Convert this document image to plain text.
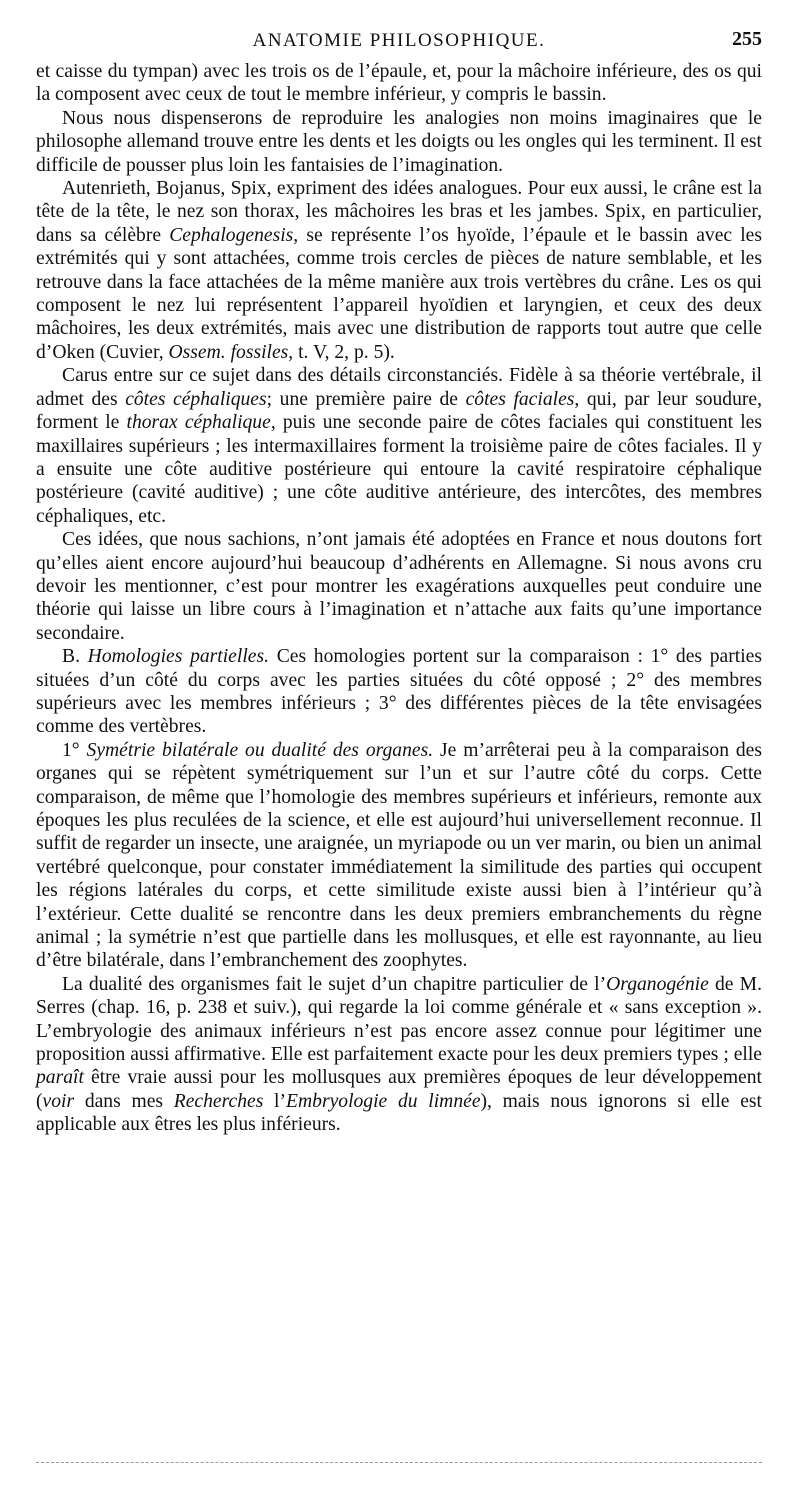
ANATOMIE PHILOSOPHIQUE.	255

et caisse du tympan) avec les trois os de l’épaule, et, pour la mâchoire inférieure, des os qui la composent avec ceux de tout le membre inférieur, y compris le bassin.

Nous nous dispenserons de reproduire les analogies non moins imaginaires que le philosophe allemand trouve entre les dents et les doigts ou les ongles qui les terminent. Il est difficile de pousser plus loin les fantaisies de l’imagination.

Autenrieth, Bojanus, Spix, expriment des idées analogues. Pour eux aussi, le crâne est la tête de la tête, le nez son thorax, les mâchoires les bras et les jambes. Spix, en particulier, dans sa célèbre Cephalogenesis, se représente l’os hyoïde, l’épaule et le bassin avec les extrémités qui y sont attachées, comme trois cercles de pièces de nature semblable, et les retrouve dans la face attachées de la même manière aux trois vertèbres du crâne. Les os qui composent le nez lui représentent l’appareil hyoïdien et laryngien, et ceux des deux mâchoires, les deux extrémités, mais avec une distribution de rapports tout autre que celle d’Oken (Cuvier, Ossem. fossiles, t. V, 2, p. 5).

Carus entre sur ce sujet dans des détails circonstanciés. Fidèle à sa théorie vertébrale, il admet des côtes céphaliques; une première paire de côtes faciales, qui, par leur soudure, forment le thorax céphalique, puis une seconde paire de côtes faciales qui constituent les maxillaires supérieurs ; les intermaxillaires forment la troisième paire de côtes faciales. Il y a ensuite une côte auditive postérieure qui entoure la cavité respiratoire céphalique postérieure (cavité auditive) ; une côte auditive antérieure, des intercôtes, des membres céphaliques, etc.

Ces idées, que nous sachions, n’ont jamais été adoptées en France et nous doutons fort qu’elles aient encore aujourd’hui beaucoup d’adhérents en Allemagne. Si nous avons cru devoir les mentionner, c’est pour montrer les exagérations auxquelles peut conduire une théorie qui laisse un libre cours à l’imagination et n’attache aux faits qu’une importance secondaire.

B. Homologies partielles. Ces homologies portent sur la comparaison : 1° des parties situées d’un côté du corps avec les parties situées du côté opposé ; 2° des membres supérieurs avec les membres inférieurs ; 3° des différentes pièces de la tête envisagées comme des vertèbres.

1° Symétrie bilatérale ou dualité des organes. Je m’arrêterai peu à la comparaison des organes qui se répètent symétriquement sur l’un et sur l’autre côté du corps. Cette comparaison, de même que l’homologie des membres supérieurs et inférieurs, remonte aux époques les plus reculées de la science, et elle est aujourd’hui universellement reconnue. Il suffit de regarder un insecte, une araignée, un myriapode ou un ver marin, ou bien un animal vertébré quelconque, pour constater immédiatement la similitude des parties qui occupent les régions latérales du corps, et cette similitude existe aussi bien à l’intérieur qu’à l’extérieur. Cette dualité se rencontre dans les deux premiers embranchements du règne animal ; la symétrie n’est que partielle dans les mollusques, et elle est rayonnante, au lieu d’être bilatérale, dans l’embranchement des zoophytes.

La dualité des organismes fait le sujet d’un chapitre particulier de l’Organogénie de M. Serres (chap. 16, p. 238 et suiv.), qui regarde la loi comme générale et « sans exception ». L’embryologie des animaux inférieurs n’est pas encore assez connue pour légitimer une proposition aussi affirmative. Elle est parfaitement exacte pour les deux premiers types ; elle paraît être vraie aussi pour les mollusques aux premières époques de leur développement (voir dans mes Recherches l’Embryologie du limnée), mais nous ignorons si elle est applicable aux êtres les plus inférieurs.
